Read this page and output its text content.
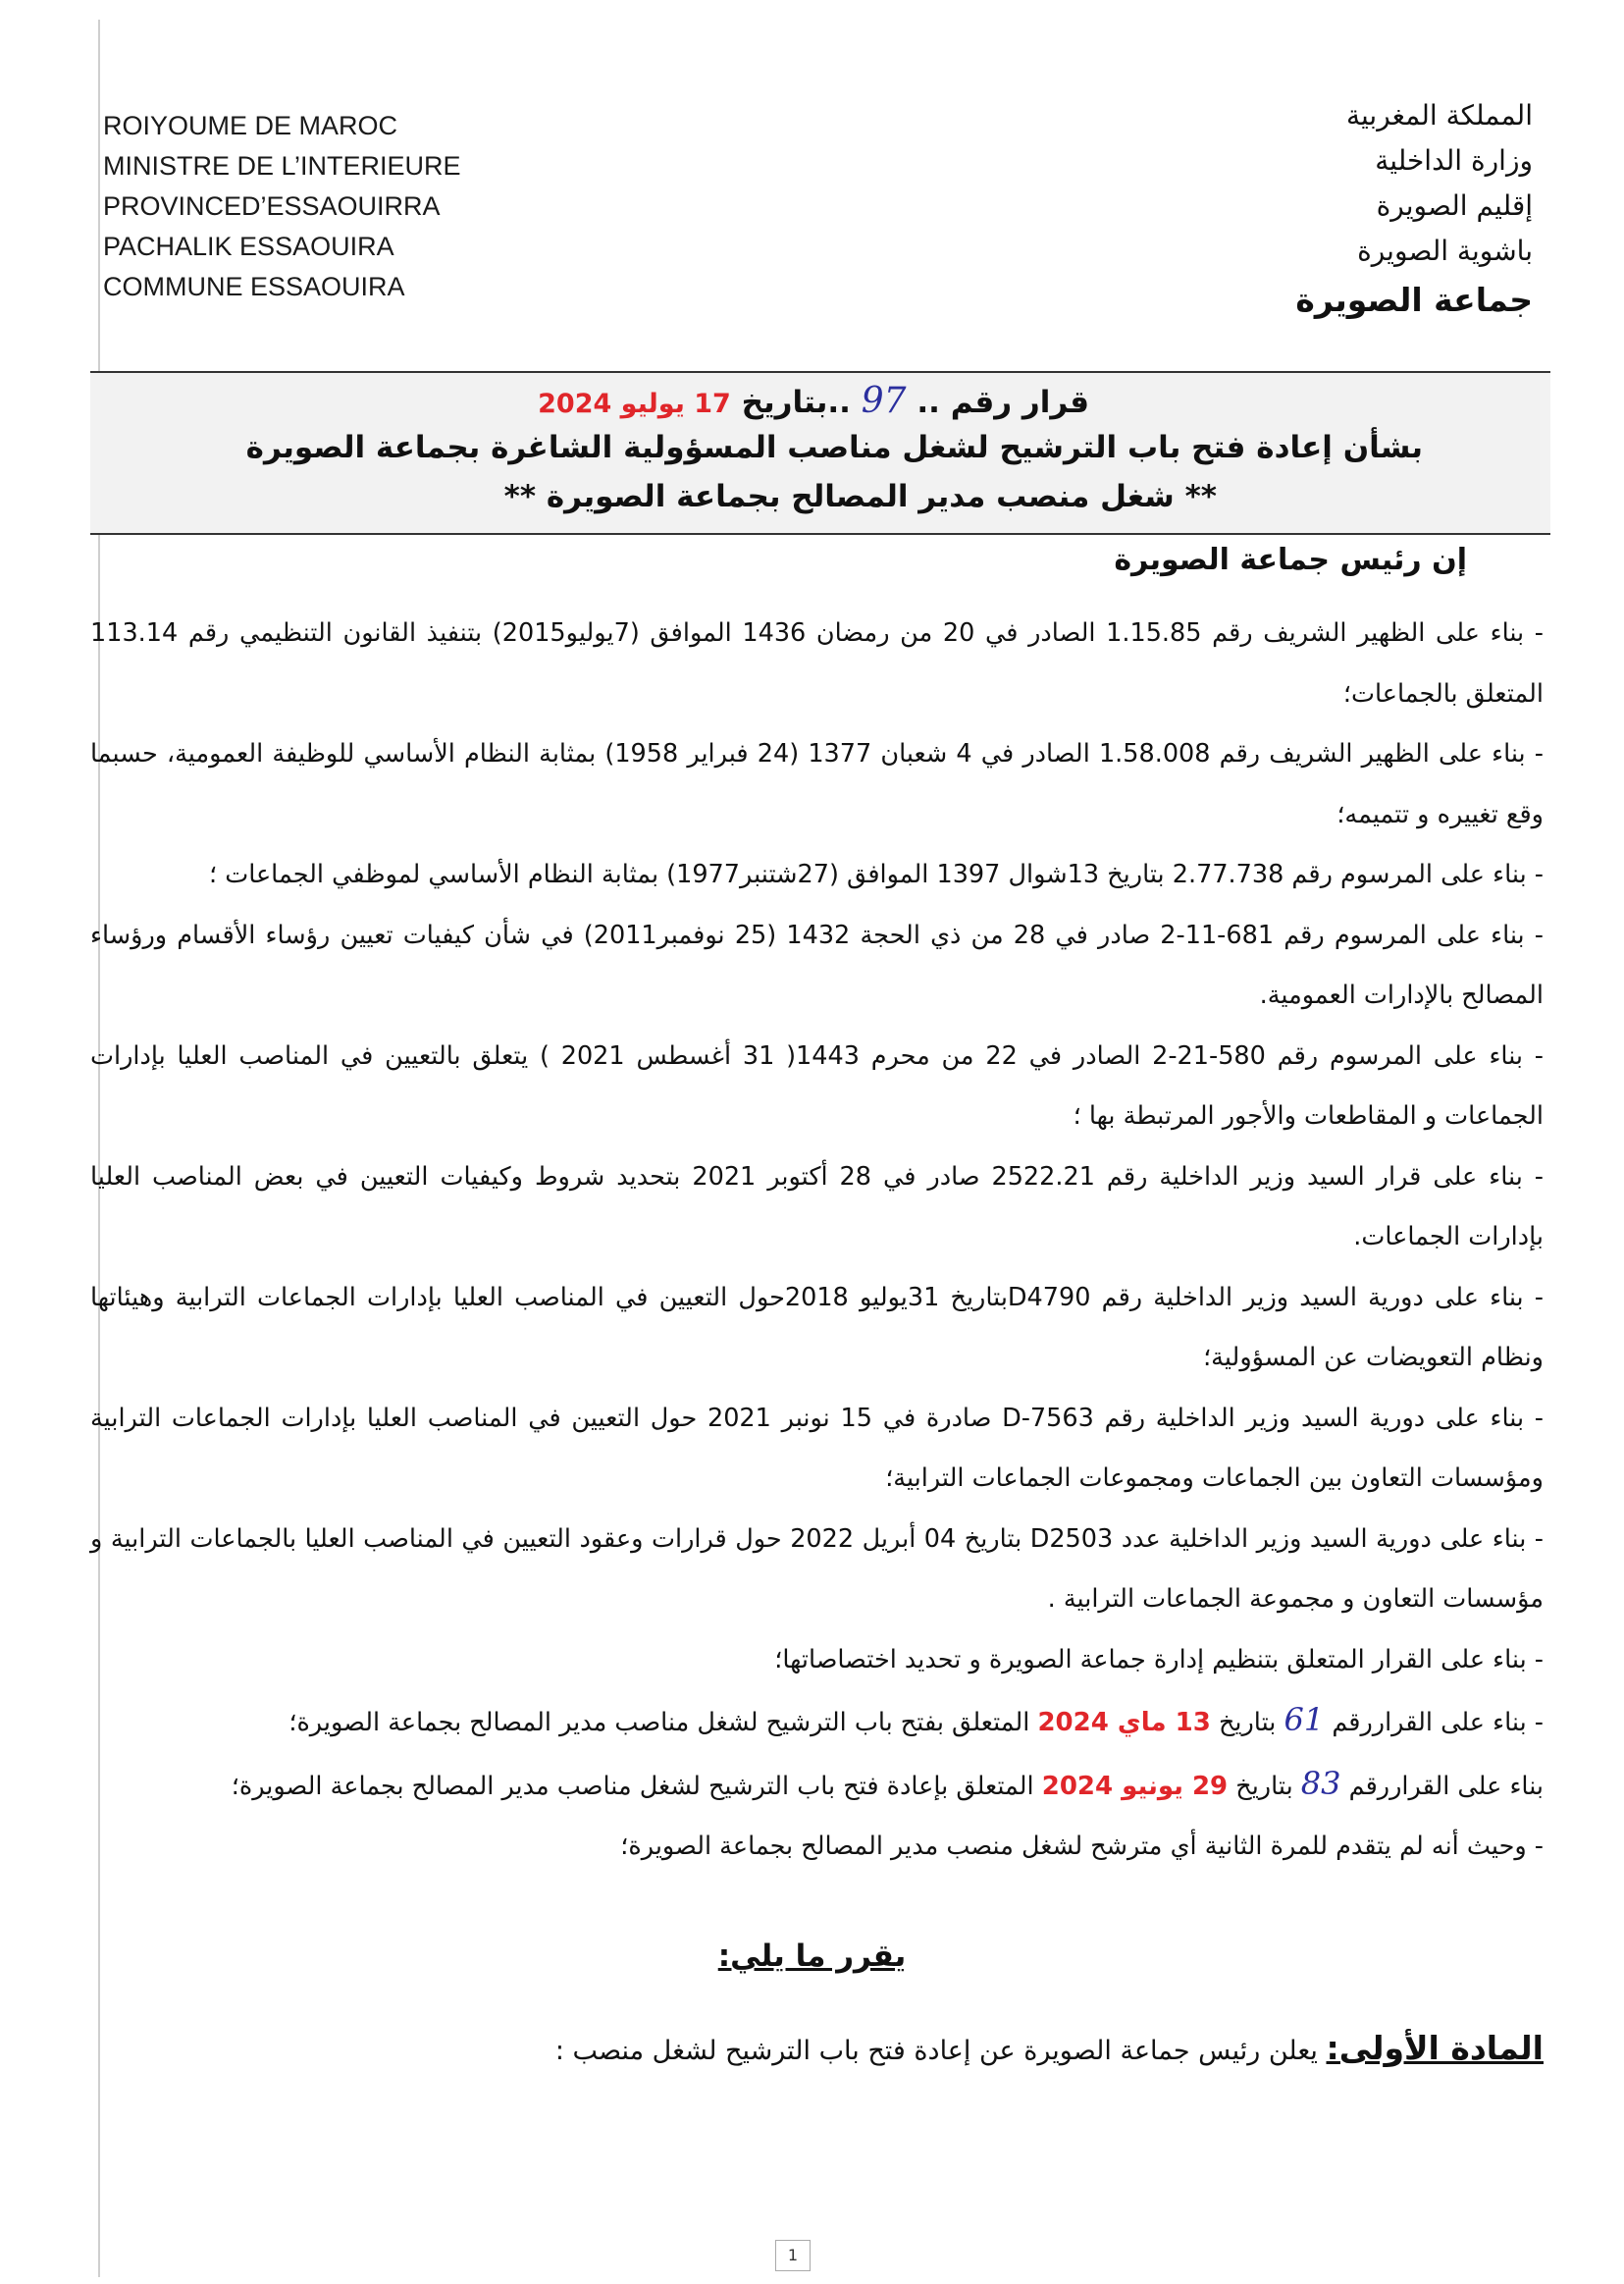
ROIYOUME DE MAROC
MINISTRE DE L’INTERIEURE
PROVINCED’ESSAOUIRRA
PACHALIK ESSAOUIRA
COMMUNE ESSAOUIRA
المملكة المغربية
وزارة الداخلية
إقليم الصويرة
باشوية الصويرة
جماعة الصويرة
قرار رقم .. 97 ..بتاريخ 17 يوليو 2024
بشأن إعادة فتح باب الترشيح لشغل مناصب المسؤولية الشاغرة بجماعة الصويرة
** شغل منصب مدير المصالح بجماعة الصويرة **
إن رئيس جماعة الصويرة

- بناء على الظهير الشريف رقم 1.15.85 الصادر في 20 من رمضان 1436 الموافق (7يوليو2015) بتنفيذ القانون التنظيمي رقم 113.14 المتعلق بالجماعات؛

- بناء على الظهير الشريف رقم 1.58.008 الصادر في 4 شعبان 1377 (24 فبراير 1958) بمثابة النظام الأساسي للوظيفة العمومية، حسبما وقع تغييره و تتميمه؛

- بناء على المرسوم رقم 2.77.738 بتاريخ 13شوال 1397 الموافق (27شتنبر1977) بمثابة النظام الأساسي لموظفي الجماعات ؛

- بناء على المرسوم رقم 681-11-2 صادر في 28 من ذي الحجة 1432 (25 نوفمبر2011) في شأن كيفيات تعيين رؤساء الأقسام ورؤساء المصالح بالإدارات العمومية.

- بناء على المرسوم رقم 580-21-2 الصادر في 22 من محرم 1443( 31 أغسطس 2021 ) يتعلق بالتعيين في المناصب العليا بإدارات الجماعات و المقاطعات والأجور المرتبطة بها ؛

- بناء على قرار السيد وزير الداخلية رقم 2522.21 صادر في 28 أكتوبر 2021 بتحديد شروط وكيفيات التعيين في بعض المناصب العليا بإدارات الجماعات.

- بناء على دورية السيد وزير الداخلية رقم D4790بتاريخ 31يوليو 2018حول التعيين في المناصب العليا بإدارات الجماعات الترابية وهيئاتها ونظام التعويضات عن المسؤولية؛

- بناء على دورية السيد وزير الداخلية رقم D-7563 صادرة في 15 نونبر 2021 حول التعيين في المناصب العليا بإدارات الجماعات الترابية ومؤسسات التعاون بين الجماعات ومجموعات الجماعات الترابية؛

- بناء على دورية السيد وزير الداخلية عدد D2503 بتاريخ 04 أبريل 2022 حول قرارات وعقود التعيين في المناصب العليا بالجماعات الترابية و مؤسسات التعاون و مجموعة الجماعات الترابية .

- بناء على القرار المتعلق بتنظيم إدارة جماعة الصويرة و تحديد اختصاصاتها؛

- بناء على القراررقم 61 بتاريخ 13 ماي 2024 المتعلق بفتح باب الترشيح لشغل مناصب مدير المصالح بجماعة الصويرة؛

بناء على القراررقم 83 بتاريخ 29 يونيو 2024 المتعلق بإعادة فتح باب الترشيح لشغل مناصب مدير المصالح بجماعة الصويرة؛

- وحيث أنه لم يتقدم للمرة الثانية أي مترشح لشغل منصب مدير المصالح بجماعة الصويرة؛

يقرر ما يلي:
المادة الأولى: يعلن رئيس جماعة الصويرة عن إعادة فتح باب الترشيح لشغل منصب :
1
